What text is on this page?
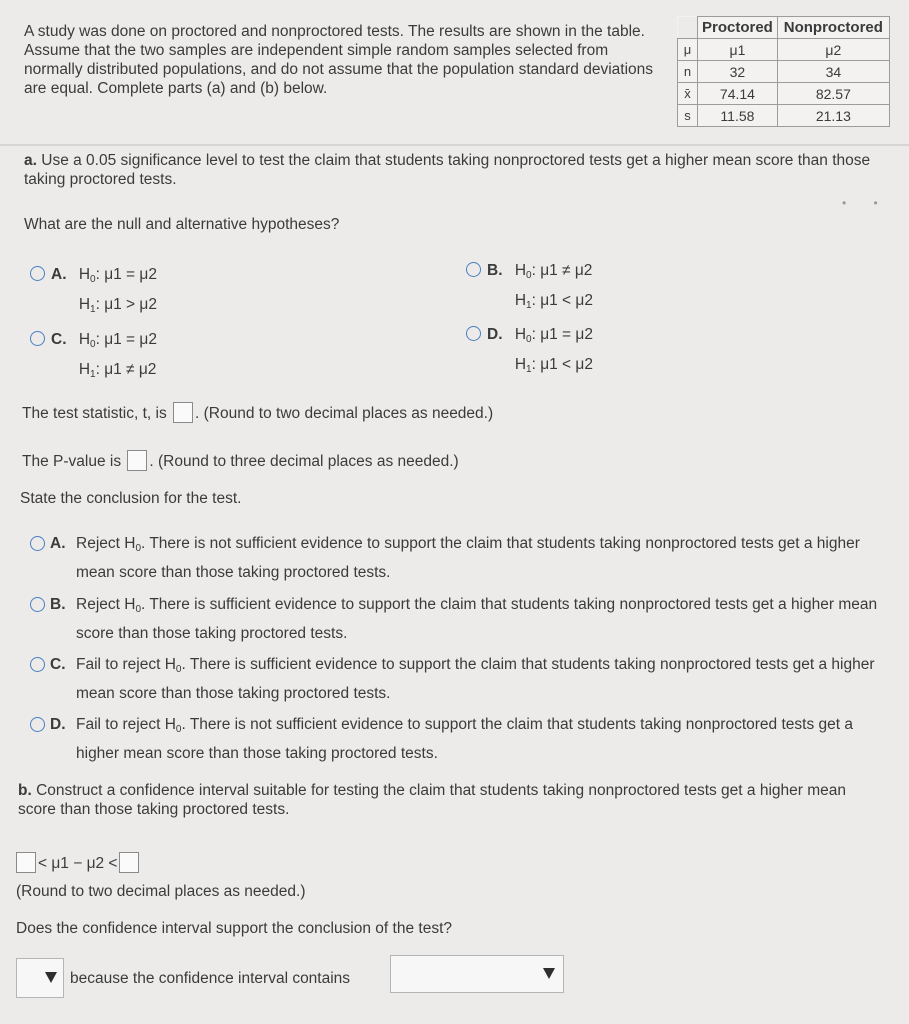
A study was done on proctored and nonproctored tests. The results are shown in the table. Assume that the two samples are independent simple random samples selected from normally distributed populations, and do not assume that the population standard deviations are equal. Complete parts (a) and (b) below.
	Proctored	Nonproctored
μ	μ1	μ2
n	32	34
x̄	74.14	82.57
s	11.58	21.13
• •
a. Use a 0.05 significance level to test the claim that students taking nonproctored tests get a higher mean score than those taking proctored tests.
What are the null and alternative hypotheses?
A. $H_0$: μ1 = μ2
$H_1$: μ1 > μ2
B. $H_0$: μ1 ≠ μ2
$H_1$: μ1 < μ2
C. $H_0$: μ1 = μ2
$H_1$: μ1 ≠ μ2
D. $H_0$: μ1 = μ2
$H_1$: μ1 < μ2
The test statistic, t, is . (Round to two decimal places as needed.)
The P-value is . (Round to three decimal places as needed.)
State the conclusion for the test.
A. Reject $H_0$. There is not sufficient evidence to support the claim that students taking nonproctored tests get a higher mean score than those taking proctored tests.
B. Reject $H_0$. There is sufficient evidence to support the claim that students taking nonproctored tests get a higher mean score than those taking proctored tests.
C. Fail to reject $H_0$. There is sufficient evidence to support the claim that students taking nonproctored tests get a higher mean score than those taking proctored tests.
D. Fail to reject $H_0$. There is not sufficient evidence to support the claim that students taking nonproctored tests get a higher mean score than those taking proctored tests.
b. Construct a confidence interval suitable for testing the claim that students taking nonproctored tests get a higher mean score than those taking proctored tests.
< μ1 − μ2 <
(Round to two decimal places as needed.)
Does the confidence interval support the conclusion of the test?
because the confidence interval contains
